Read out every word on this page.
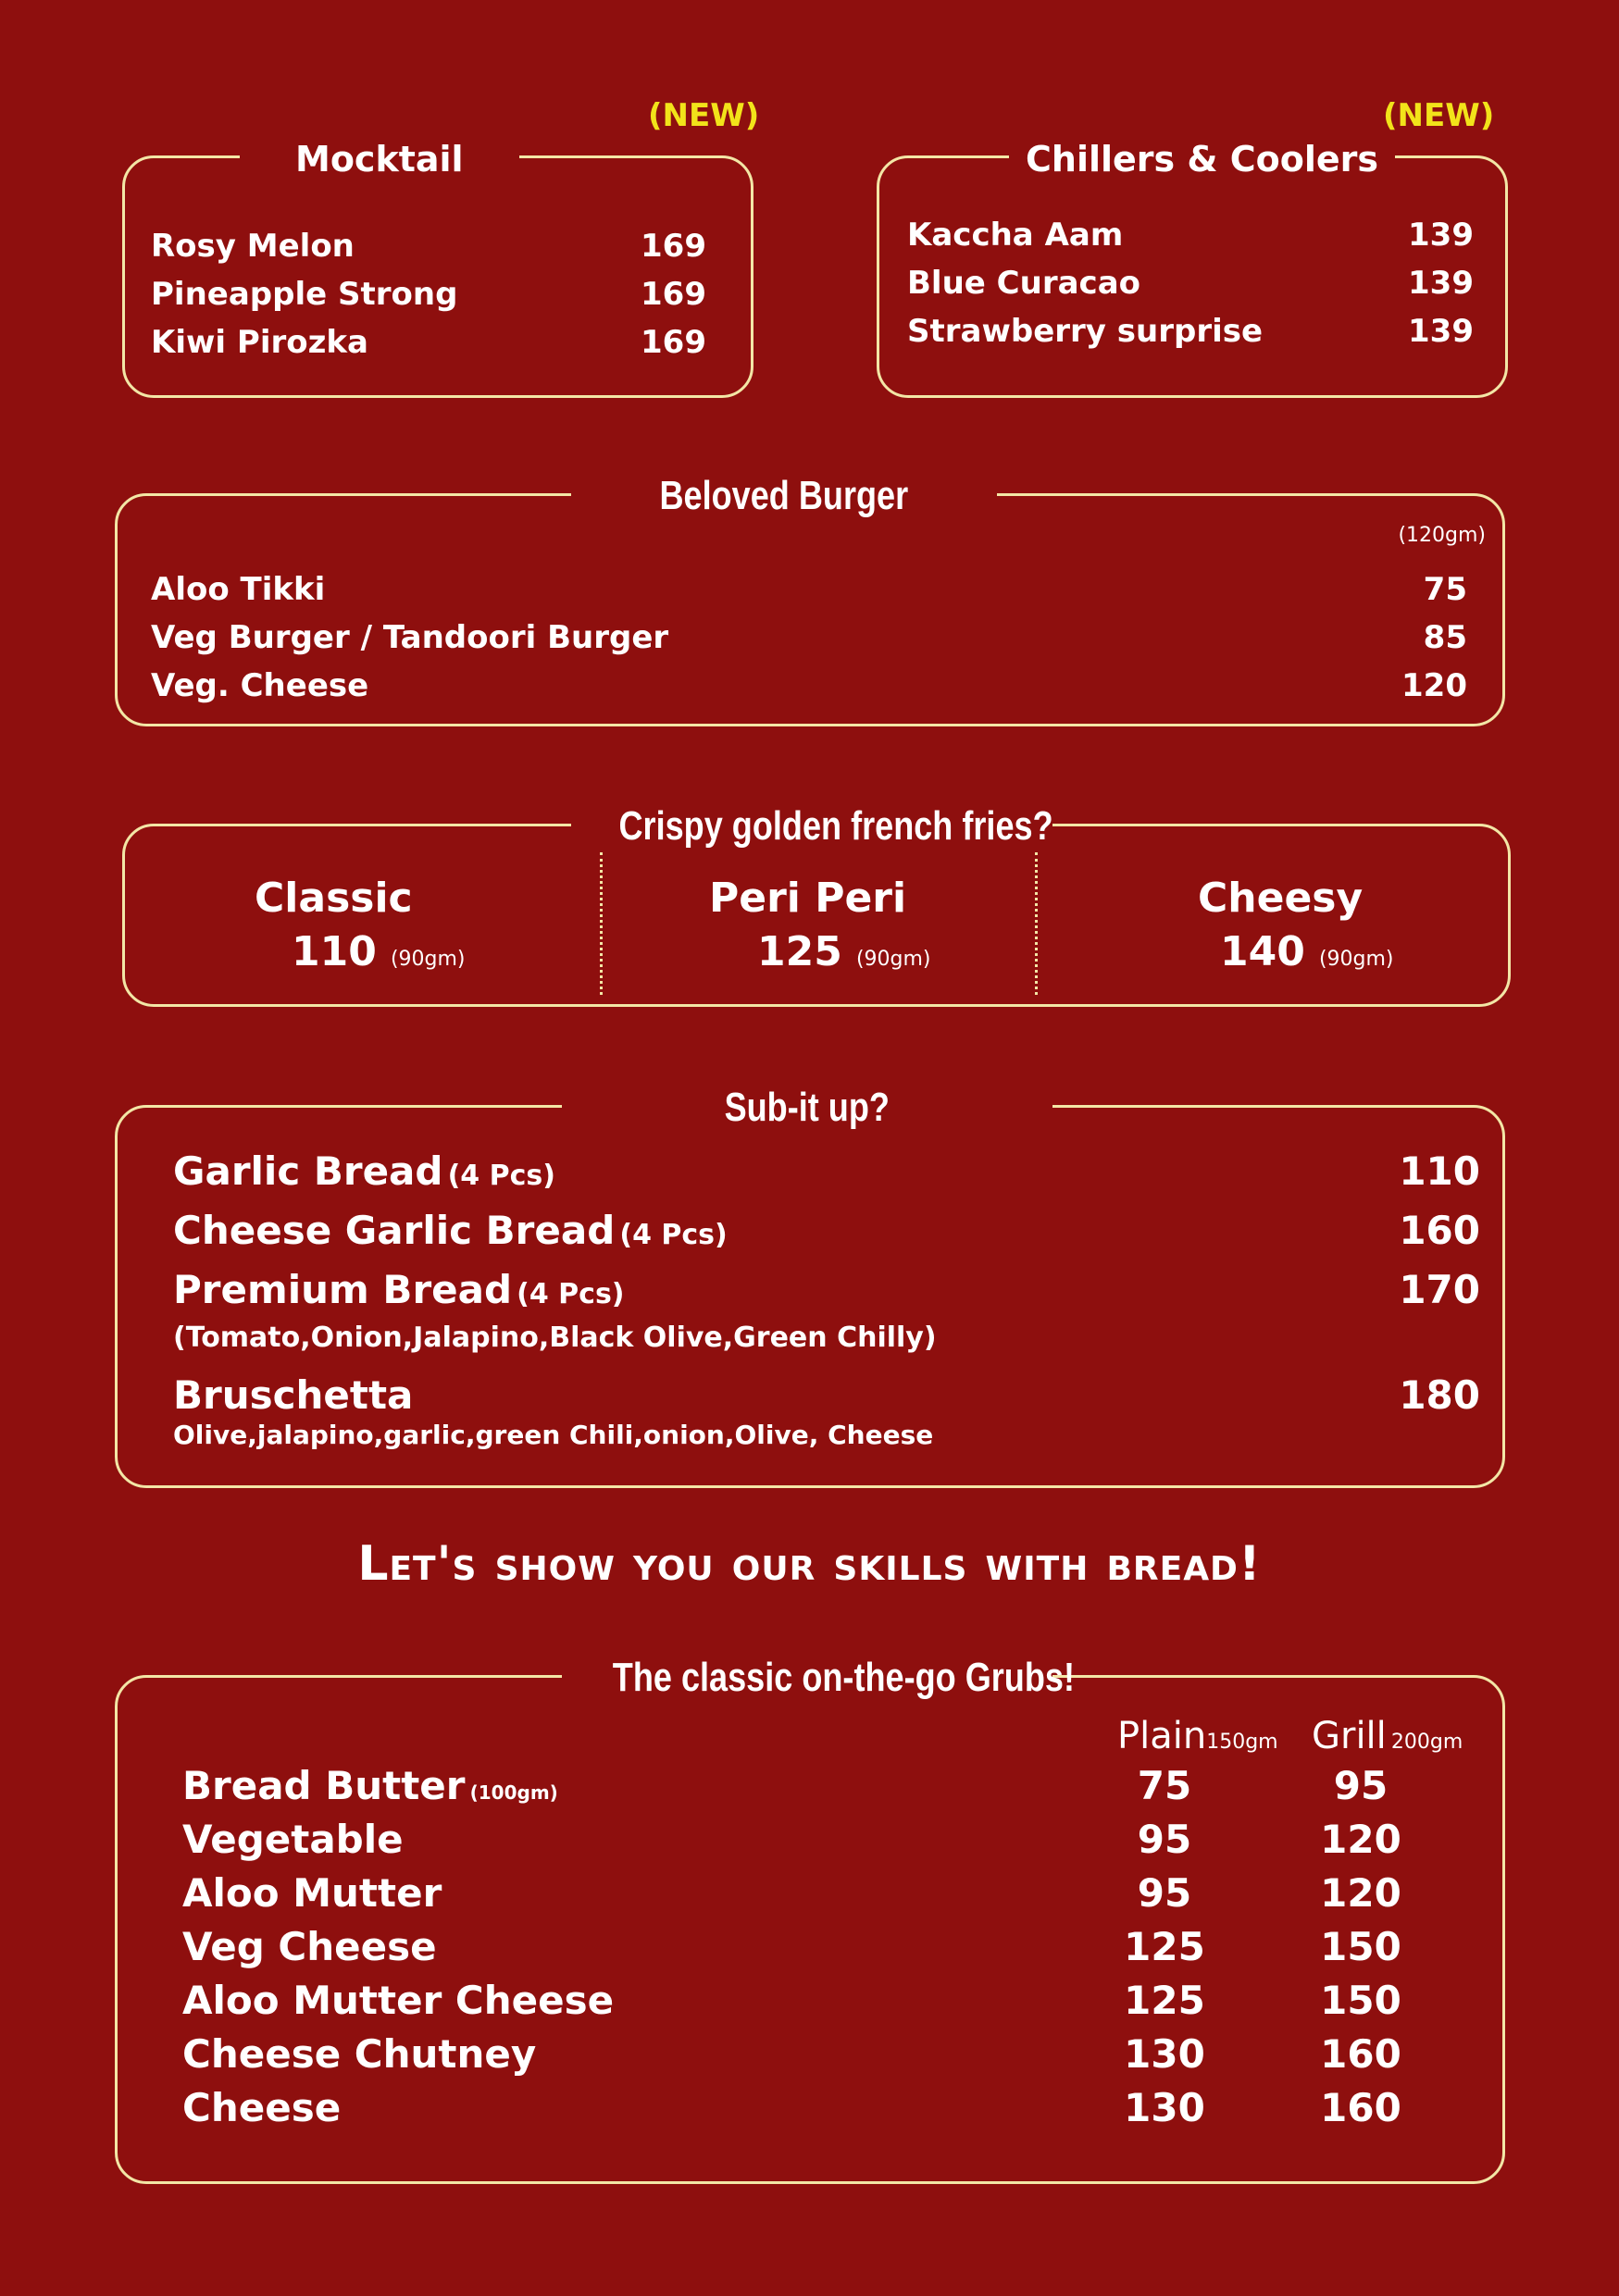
(NEW)
Mocktail
Rosy Melon	169
Pineapple Strong	169
Kiwi Pirozka	169
(NEW)
Chillers & Coolers
Kaccha Aam	139
Blue Curacao	139
Strawberry surprise	139
Beloved Burger
(120gm)
Aloo Tikki	75
Veg Burger / Tandoori Burger	85
Veg. Cheese	120
Crispy golden french fries?
Classic
110 (90gm)
Peri Peri
125 (90gm)
Cheesy
140 (90gm)
Sub-it up?
Garlic Bread (4 Pcs)	110
Cheese Garlic Bread (4 Pcs)	160
Premium Bread (4 Pcs)	170
(Tomato,Onion,Jalapino,Black Olive,Green Chilly)
Bruschetta	180
Olive,jalapino,garlic,green Chili,onion,Olive, Cheese
Let's show you our skills with bread!
The classic on-the-go Grubs!
Plain150gm Grill 200gm
Bread Butter (100gm)	75	95
Vegetable	95	120
Aloo Mutter	95	120
Veg Cheese	125	150
Aloo Mutter Cheese	125	150
Cheese Chutney	130	160
Cheese	130	160
